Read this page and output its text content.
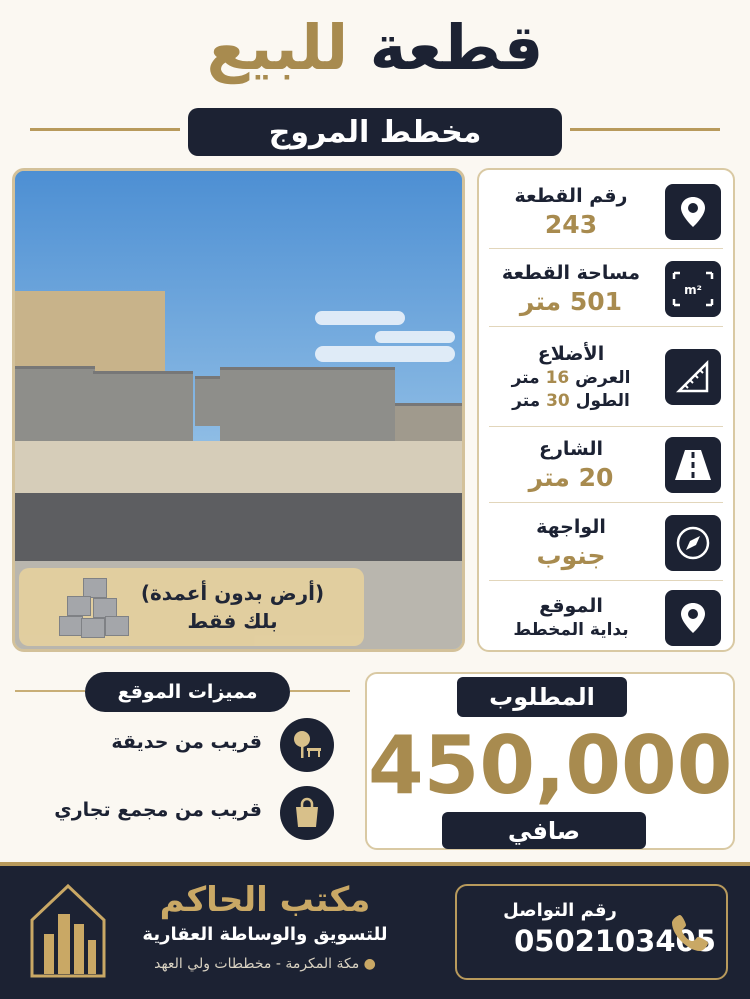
قطعة للبيع
مخطط المروج
(أرض بدون أعمدة)
بلك فقط
رقم القطعة
243
m²
مساحة القطعة
501 متر
الأضلاع
العرض 16 متر
الطول 30 متر
الشارع
20 متر
الواجهة
جنوب
الموقع
بداية المخطط
مميزات الموقع
قريب من حديقة
قريب من مجمع تجاري
المطلوب
450,000
صافي
رقم التواصل
0502103405
مكتب الحاكم
للتسويق والوساطة العقارية
● مكة المكرمة - مخططات ولي العهد
